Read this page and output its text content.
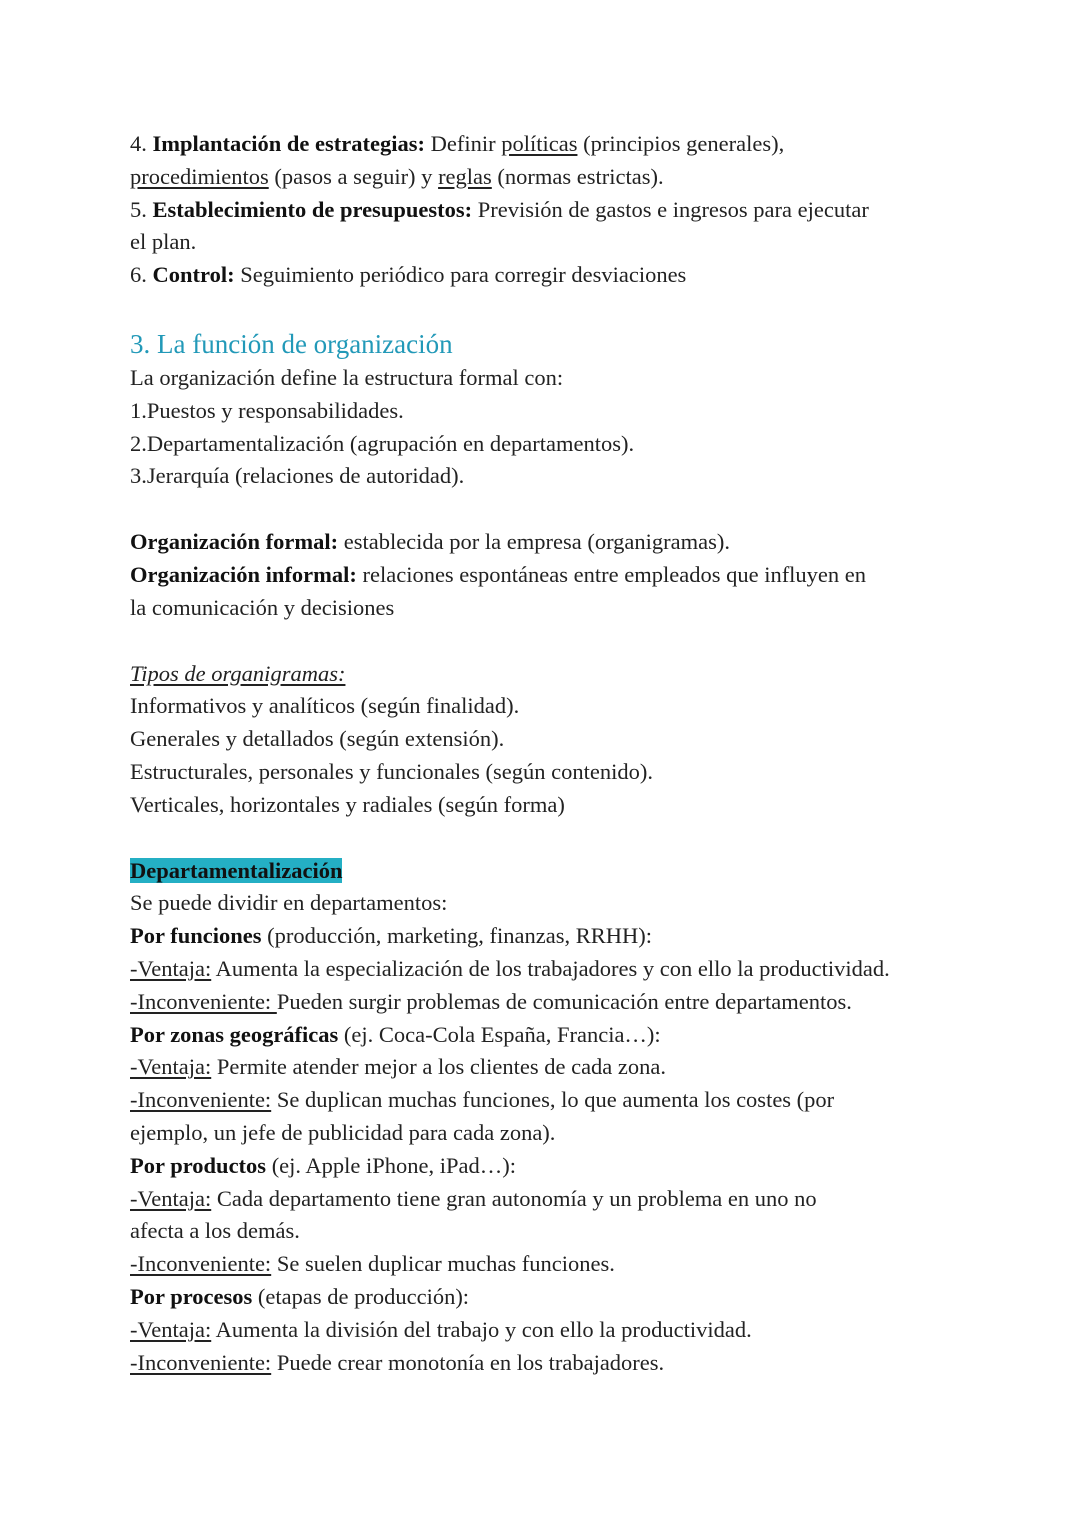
4. Implantación de estrategias: Definir políticas (principios generales),
procedimientos (pasos a seguir) y reglas (normas estrictas).
5. Establecimiento de presupuestos: Previsión de gastos e ingresos para ejecutar
el plan.
6. Control: Seguimiento periódico para corregir desviaciones
3. La función de organización
La organización define la estructura formal con:
1.Puestos y responsabilidades.
2.Departamentalización (agrupación en departamentos).
3.Jerarquía (relaciones de autoridad).
Organización formal: establecida por la empresa (organigramas).
Organización informal: relaciones espontáneas entre empleados que influyen en
la comunicación y decisiones
Tipos de organigramas:
Informativos y analíticos (según finalidad).
Generales y detallados (según extensión).
Estructurales, personales y funcionales (según contenido).
Verticales, horizontales y radiales (según forma)
Departamentalización
Se puede dividir en departamentos:
Por funciones (producción, marketing, finanzas, RRHH):
-Ventaja: Aumenta la especialización de los trabajadores y con ello la productividad.
-Inconveniente: Pueden surgir problemas de comunicación entre departamentos.
Por zonas geográficas (ej. Coca-Cola España, Francia…):
-Ventaja: Permite atender mejor a los clientes de cada zona.
-Inconveniente: Se duplican muchas funciones, lo que aumenta los costes (por
ejemplo, un jefe de publicidad para cada zona).
Por productos (ej. Apple iPhone, iPad…):
-Ventaja: Cada departamento tiene gran autonomía y un problema en uno no
afecta a los demás.
-Inconveniente: Se suelen duplicar muchas funciones.
Por procesos (etapas de producción):
-Ventaja: Aumenta la división del trabajo y con ello la productividad.
-Inconveniente: Puede crear monotonía en los trabajadores.
